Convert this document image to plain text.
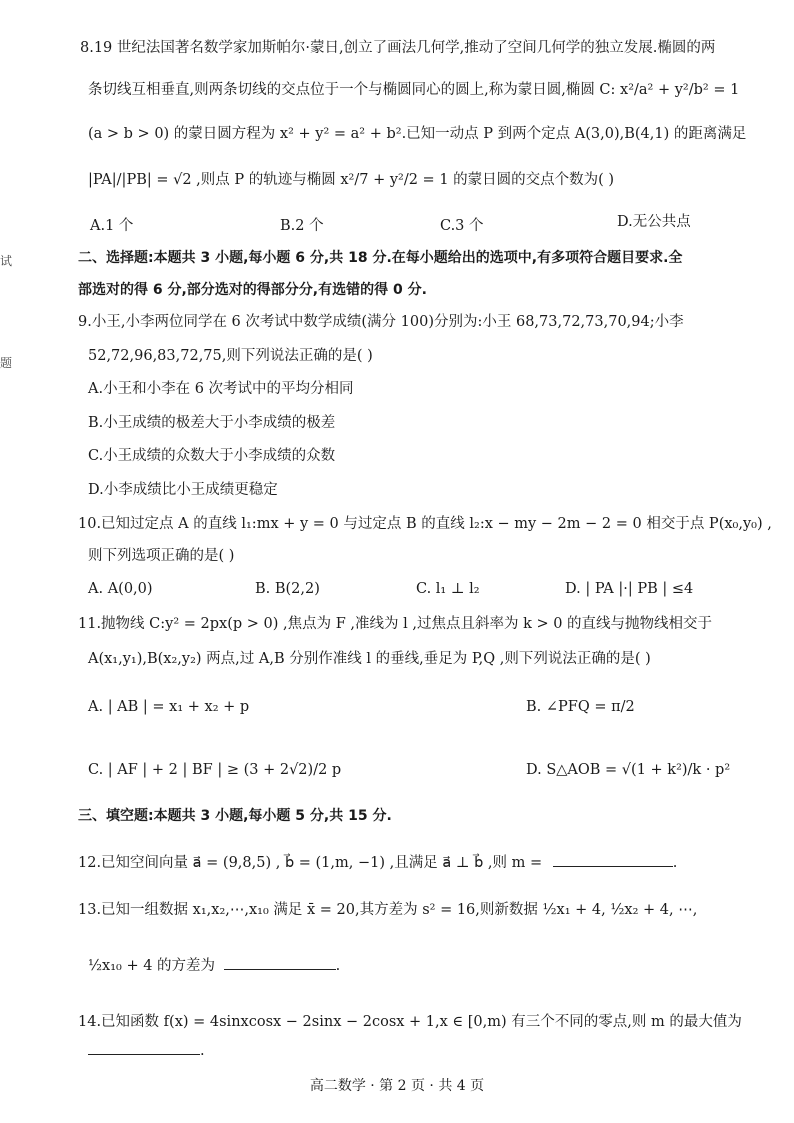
试
题
8.19 世纪法国著名数学家加斯帕尔·蒙日,创立了画法几何学,推动了空间几何学的独立发展.椭圆的两
条切线互相垂直,则两条切线的交点位于一个与椭圆同心的圆上,称为蒙日圆,椭圆 C: x²/a² + y²/b² = 1
(a > b > 0) 的蒙日圆方程为 x² + y² = a² + b².已知一动点 P 到两个定点 A(3,0),B(4,1) 的距离满足
|PA|/|PB| = √2 ,则点 P 的轨迹与椭圆 x²/7 + y²/2 = 1 的蒙日圆的交点个数为( )
A.1 个	B.2 个	C.3 个	D.无公共点
二、选择题:本题共 3 小题,每小题 6 分,共 18 分.在每小题给出的选项中,有多项符合题目要求.全
部选对的得 6 分,部分选对的得部分分,有选错的得 0 分.
9.小王,小李两位同学在 6 次考试中数学成绩(满分 100)分别为:小王 68,73,72,73,70,94;小李
52,72,96,83,72,75,则下列说法正确的是( )
A.小王和小李在 6 次考试中的平均分相同
B.小王成绩的极差大于小李成绩的极差
C.小王成绩的众数大于小李成绩的众数
D.小李成绩比小王成绩更稳定
10.已知过定点 A 的直线 l₁:mx + y = 0 与过定点 B 的直线 l₂:x − my − 2m − 2 = 0 相交于点 P(x₀,y₀) ,
则下列选项正确的是( )
A. A(0,0)	B. B(2,2)	C. l₁ ⊥ l₂	D. | PA |·| PB | ≤4
11.抛物线 C:y² = 2px(p > 0) ,焦点为 F ,准线为 l ,过焦点且斜率为 k > 0 的直线与抛物线相交于
A(x₁,y₁),B(x₂,y₂) 两点,过 A,B 分别作准线 l 的垂线,垂足为 P,Q ,则下列说法正确的是( )
A. | AB | = x₁ + x₂ + p	B. ∠PFQ = π/2
C. | AF | + 2 | BF | ≥ (3 + 2√2)/2 p	D. S△AOB = √(1 + k²)/k · p²
三、填空题:本题共 3 小题,每小题 5 分,共 15 分.
12.已知空间向量 a⃗ = (9,8,5) , b⃗ = (1,m, −1) ,且满足 a⃗ ⊥ b⃗ ,则 m =	.
13.已知一组数据 x₁,x₂,⋯,x₁₀ 满足 x̄ = 20,其方差为 s² = 16,则新数据 ½x₁ + 4, ½x₂ + 4, ⋯,
½x₁₀ + 4 的方差为	.
14.已知函数 f(x) = 4sinxcosx − 2sinx − 2cosx + 1,x ∈ [0,m) 有三个不同的零点,则 m 的最大值为
.
高二数学 · 第 2 页 · 共 4 页
